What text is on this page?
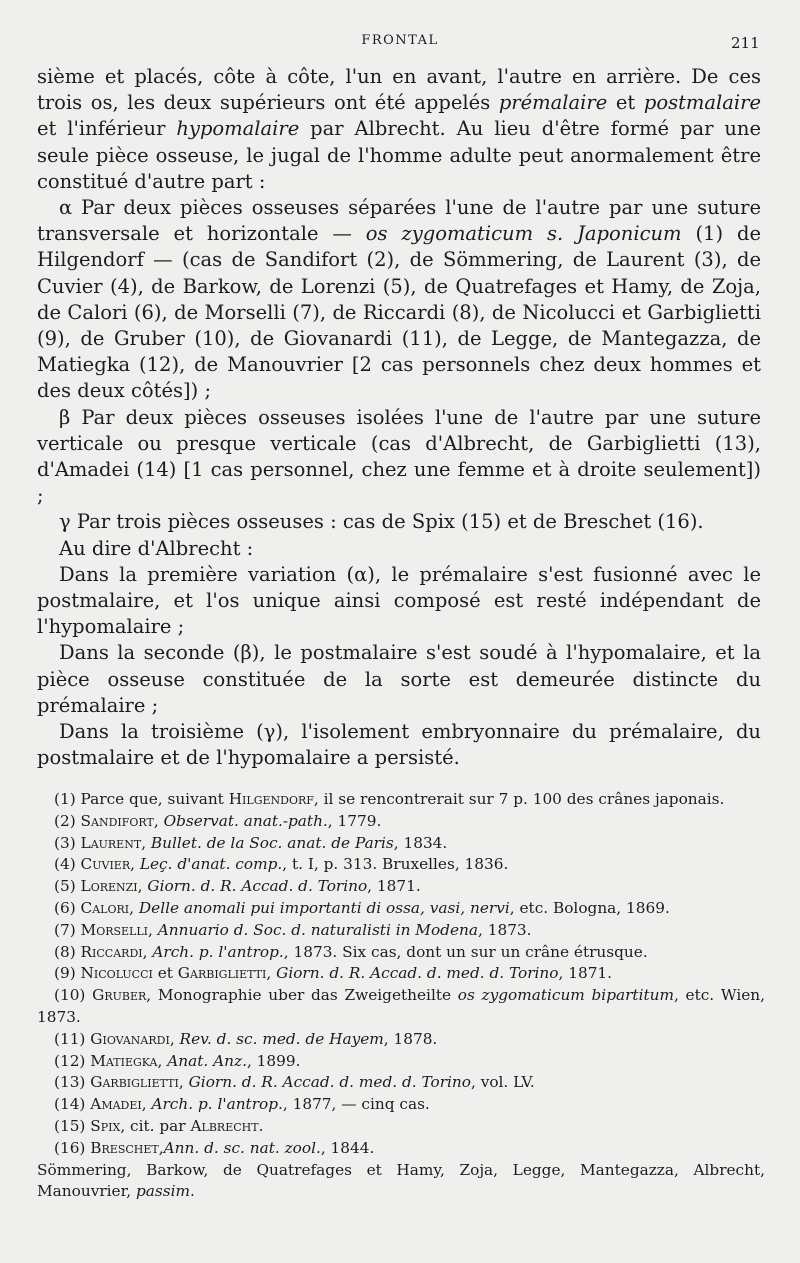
FRONTAL	211

sième et placés, côte à côte, l'un en avant, l'autre en arrière. De ces trois os, les deux supérieurs ont été appelés prémalaire et postmalaire et l'inférieur hypomalaire par Albrecht. Au lieu d'être formé par une seule pièce osseuse, le jugal de l'homme adulte peut anormalement être constitué d'autre part :

α Par deux pièces osseuses séparées l'une de l'autre par une suture transversale et horizontale — os zygomaticum s. Japonicum (1) de Hilgendorf — (cas de Sandifort (2), de Sömmering, de Laurent (3), de Cuvier (4), de Barkow, de Lorenzi (5), de Quatrefages et Hamy, de Zoja, de Calori (6), de Morselli (7), de Riccardi (8), de Nicolucci et Garbiglietti (9), de Gruber (10), de Giovanardi (11), de Legge, de Mantegazza, de Matiegka (12), de Manouvrier [2 cas personnels chez deux hommes et des deux côtés]) ;

β Par deux pièces osseuses isolées l'une de l'autre par une suture verticale ou presque verticale (cas d'Albrecht, de Garbiglietti (13), d'Amadei (14) [1 cas personnel, chez une femme et à droite seulement]) ;

γ Par trois pièces osseuses : cas de Spix (15) et de Breschet (16).

Au dire d'Albrecht :

Dans la première variation (α), le prémalaire s'est fusionné avec le postmalaire, et l'os unique ainsi composé est resté indépendant de l'hypomalaire ;

Dans la seconde (β), le postmalaire s'est soudé à l'hypomalaire, et la pièce osseuse constituée de la sorte est demeurée distincte du prémalaire ;

Dans la troisième (γ), l'isolement embryonnaire du prémalaire, du postmalaire et de l'hypomalaire a persisté.

(1) Parce que, suivant Hilgendorf, il se rencontrerait sur 7 p. 100 des crânes japonais.

(2) Sandifort, Observat. anat.-path., 1779.

(3) Laurent, Bullet. de la Soc. anat. de Paris, 1834.

(4) Cuvier, Leç. d'anat. comp., t. I, p. 313. Bruxelles, 1836.

(5) Lorenzi, Giorn. d. R. Accad. d. Torino, 1871.

(6) Calori, Delle anomali pui importanti di ossa, vasi, nervi, etc. Bologna, 1869.

(7) Morselli, Annuario d. Soc. d. naturalisti in Modena, 1873.

(8) Riccardi, Arch. p. l'antrop., 1873. Six cas, dont un sur un crâne étrusque.

(9) Nicolucci et Garbiglietti, Giorn. d. R. Accad. d. med. d. Torino, 1871.

(10) Gruber, Monographie uber das Zweigetheilte os zygomaticum bipartitum, etc. Wien, 1873.

(11) Giovanardi, Rev. d. sc. med. de Hayem, 1878.

(12) Matiegka, Anat. Anz., 1899.

(13) Garbiglietti, Giorn. d. R. Accad. d. med. d. Torino, vol. LV.

(14) Amadei, Arch. p. l'antrop., 1877, — cinq cas.

(15) Spix, cit. par Albrecht.

(16) Breschet,Ann. d. sc. nat. zool., 1844.

Sömmering, Barkow, de Quatrefages et Hamy, Zoja, Legge, Mantegazza, Albrecht, Manouvrier, passim.
